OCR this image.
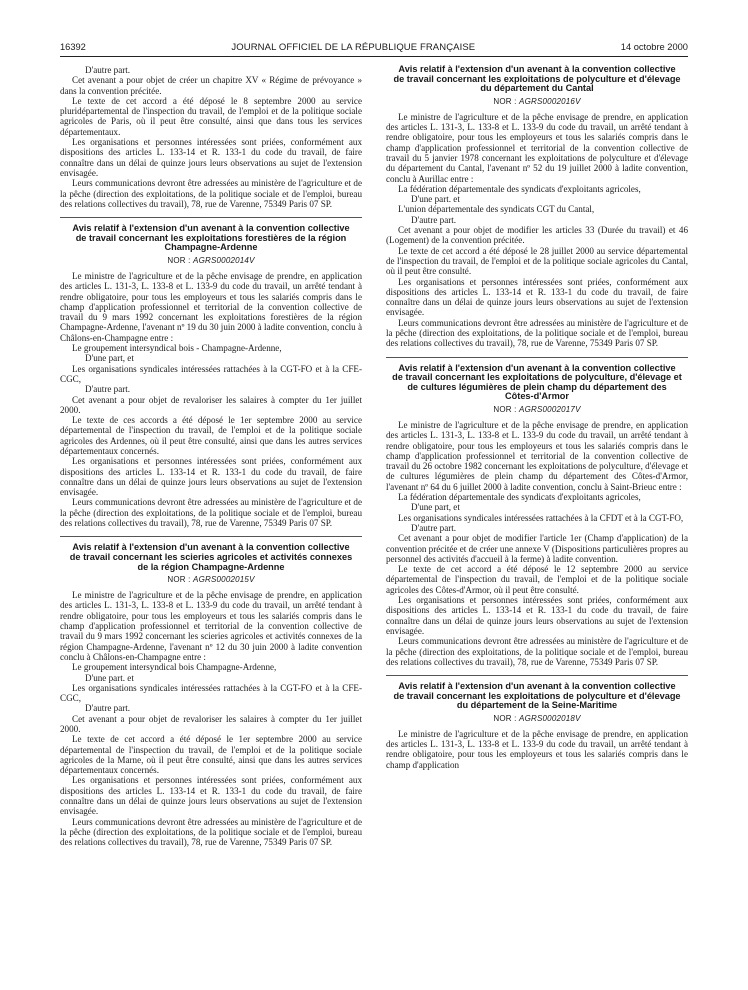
16392	JOURNAL OFFICIEL DE LA RÉPUBLIQUE FRANÇAISE	14 octobre 2000

D'autre part.

Cet avenant a pour objet de créer un chapitre XV « Régime de prévoyance » dans la convention précitée.

Le texte de cet accord a été déposé le 8 septembre 2000 au service pluridépartemental de l'inspection du travail, de l'emploi et de la politique sociale agricoles de Paris, où il peut être consulté, ainsi que dans tous les services départementaux.

Les organisations et personnes intéressées sont priées, conformément aux dispositions des articles L. 133-14 et R. 133-1 du code du travail, de faire connaître dans un délai de quinze jours leurs observations au sujet de l'extension envisagée.

Leurs communications devront être adressées au ministère de l'agriculture et de la pêche (direction des exploitations, de la politique sociale et de l'emploi, bureau des relations collectives du travail), 78, rue de Varenne, 75349 Paris 07 SP.

Avis relatif à l'extension d'un avenant à la convention collective de travail concernant les exploitations forestières de la région Champagne-Ardenne
NOR : AGRS0002014V

Le ministre de l'agriculture et de la pêche envisage de prendre, en application des articles L. 131-3, L. 133-8 et L. 133-9 du code du travail, un arrêté tendant à rendre obligatoire, pour tous les employeurs et tous les salariés compris dans le champ d'application professionnel et territorial de la convention collective de travail du 9 mars 1992 concernant les exploitations forestières de la région Champagne-Ardenne, l'avenant nº 19 du 30 juin 2000 à ladite convention, conclu à Châlons-en-Champagne entre :

Le groupement intersyndical bois - Champagne-Ardenne,

D'une part, et

Les organisations syndicales intéressées rattachées à la CGT-FO et à la CFE-CGC,

D'autre part.

Cet avenant a pour objet de revaloriser les salaires à compter du 1er juillet 2000.

Le texte de ces accords a été déposé le 1er septembre 2000 au service départemental de l'inspection du travail, de l'emploi et de la politique sociale agricoles des Ardennes, où il peut être consulté, ainsi que dans les autres services départementaux concernés.

Les organisations et personnes intéressées sont priées, conformément aux dispositions des articles L. 133-14 et R. 133-1 du code du travail, de faire connaître dans un délai de quinze jours leurs observations au sujet de l'extension envisagée.

Leurs communications devront être adressées au ministère de l'agriculture et de la pêche (direction des exploitations, de la politique sociale et de l'emploi, bureau des relations collectives du travail), 78, rue de Varenne, 75349 Paris 07 SP.

Avis relatif à l'extension d'un avenant à la convention collective de travail concernant les scieries agricoles et activités connexes de la région Champagne-Ardenne
NOR : AGRS0002015V

Le ministre de l'agriculture et de la pêche envisage de prendre, en application des articles L. 131-3, L. 133-8 et L. 133-9 du code du travail, un arrêté tendant à rendre obligatoire, pour tous les employeurs et tous les salariés compris dans le champ d'application professionnel et territorial de la convention collective de travail du 9 mars 1992 concernant les scieries agricoles et activités connexes de la région Champagne-Ardenne, l'avenant nº 12 du 30 juin 2000 à ladite convention conclu à Châlons-en-Champagne entre :

Le groupement intersyndical bois Champagne-Ardenne,

D'une part. et

Les organisations syndicales intéressées rattachées à la CGT-FO et à la CFE-CGC,

D'autre part.

Cet avenant a pour objet de revaloriser les salaires à compter du 1er juillet 2000.

Le texte de cet accord a été déposé le 1er septembre 2000 au service départemental de l'inspection du travail, de l'emploi et de la politique sociale agricoles de la Marne, où il peut être consulté, ainsi que dans les autres services départementaux concernés.

Les organisations et personnes intéressées sont priées, conformément aux dispositions des articles L. 133-14 et R. 133-1 du code du travail, de faire connaître dans un délai de quinze jours leurs observations au sujet de l'extension envisagée.

Leurs communications devront être adressées au ministère de l'agriculture et de la pêche (direction des exploitations, de la politique sociale et de l'emploi, bureau des relations collectives du travail), 78, rue de Varenne, 75349 Paris 07 SP.

Avis relatif à l'extension d'un avenant à la convention collective de travail concernant les exploitations de polyculture et d'élevage du département du Cantal
NOR : AGRS0002016V

Le ministre de l'agriculture et de la pêche envisage de prendre, en application des articles L. 131-3, L. 133-8 et L. 133-9 du code du travail, un arrêté tendant à rendre obligatoire, pour tous les employeurs et tous les salariés compris dans le champ d'application professionnel et territorial de la convention collective de travail du 5 janvier 1978 concernant les exploitations de polyculture et d'élevage du département du Cantal, l'avenant nº 52 du 19 juillet 2000 à ladite convention, conclu à Aurillac entre :

La fédération départementale des syndicats d'exploitants agricoles,

D'une part. et

L'union départementale des syndicats CGT du Cantal,

D'autre part.

Cet avenant a pour objet de modifier les articles 33 (Durée du travail) et 46 (Logement) de la convention précitée.

Le texte de cet accord a été déposé le 28 juillet 2000 au service départemental de l'inspection du travail, de l'emploi et de la politique sociale agricoles du Cantal, où il peut être consulté.

Les organisations et personnes intéressées sont priées, conformément aux dispositions des articles L. 133-14 et R. 133-1 du code du travail, de faire connaître dans un délai de quinze jours leurs observations au sujet de l'extension envisagée.

Leurs communications devront être adressées au ministère de l'agriculture et de la pêche (direction des exploitations, de la politique sociale et de l'emploi, bureau des relations collectives du travail), 78, rue de Varenne, 75349 Paris 07 SP.

Avis relatif à l'extension d'un avenant à la convention collective de travail concernant les exploitations de polyculture, d'élevage et de cultures légumières de plein champ du département des Côtes-d'Armor
NOR : AGRS0002017V

Le ministre de l'agriculture et de la pêche envisage de prendre, en application des articles L. 131-3, L. 133-8 et L. 133-9 du code du travail, un arrêté tendant à rendre obligatoire, pour tous les employeurs et tous les salariés compris dans le champ d'application professionnel et territorial de la convention collective de travail du 26 octobre 1982 concernant les exploitations de polyculture, d'élevage et de cultures légumières de plein champ du département des Côtes-d'Armor, l'avenant nº 64 du 6 juillet 2000 à ladite convention, conclu à Saint-Brieuc entre :

La fédération départementale des syndicats d'exploitants agricoles,

D'une part, et

Les organisations syndicales intéressées rattachées à la CFDT et à la CGT-FO,

D'autre part.

Cet avenant a pour objet de modifier l'article 1er (Champ d'application) de la convention précitée et de créer une annexe V (Dispositions particulières propres au personnel des activités d'accueil à la ferme) à ladite convention.

Le texte de cet accord a été déposé le 12 septembre 2000 au service départemental de l'inspection du travail, de l'emploi et de la politique sociale agricoles des Côtes-d'Armor, où il peut être consulté.

Les organisations et personnes intéressées sont priées, conformément aux dispositions des articles L. 133-14 et R. 133-1 du code du travail, de faire connaître dans un délai de quinze jours leurs observations au sujet de l'extension envisagée.

Leurs communications devront être adressées au ministère de l'agriculture et de la pêche (direction des exploitations, de la politique sociale et de l'emploi, bureau des relations collectives du travail), 78, rue de Varenne, 75349 Paris 07 SP.

Avis relatif à l'extension d'un avenant à la convention collective de travail concernant les exploitations de polyculture et d'élevage du département de la Seine-Maritime
NOR : AGRS0002018V

Le ministre de l'agriculture et de la pêche envisage de prendre, en application des articles L. 131-3, L. 133-8 et L. 133-9 du code du travail, un arrêté tendant à rendre obligatoire, pour tous les employeurs et tous les salariés compris dans le champ d'application
